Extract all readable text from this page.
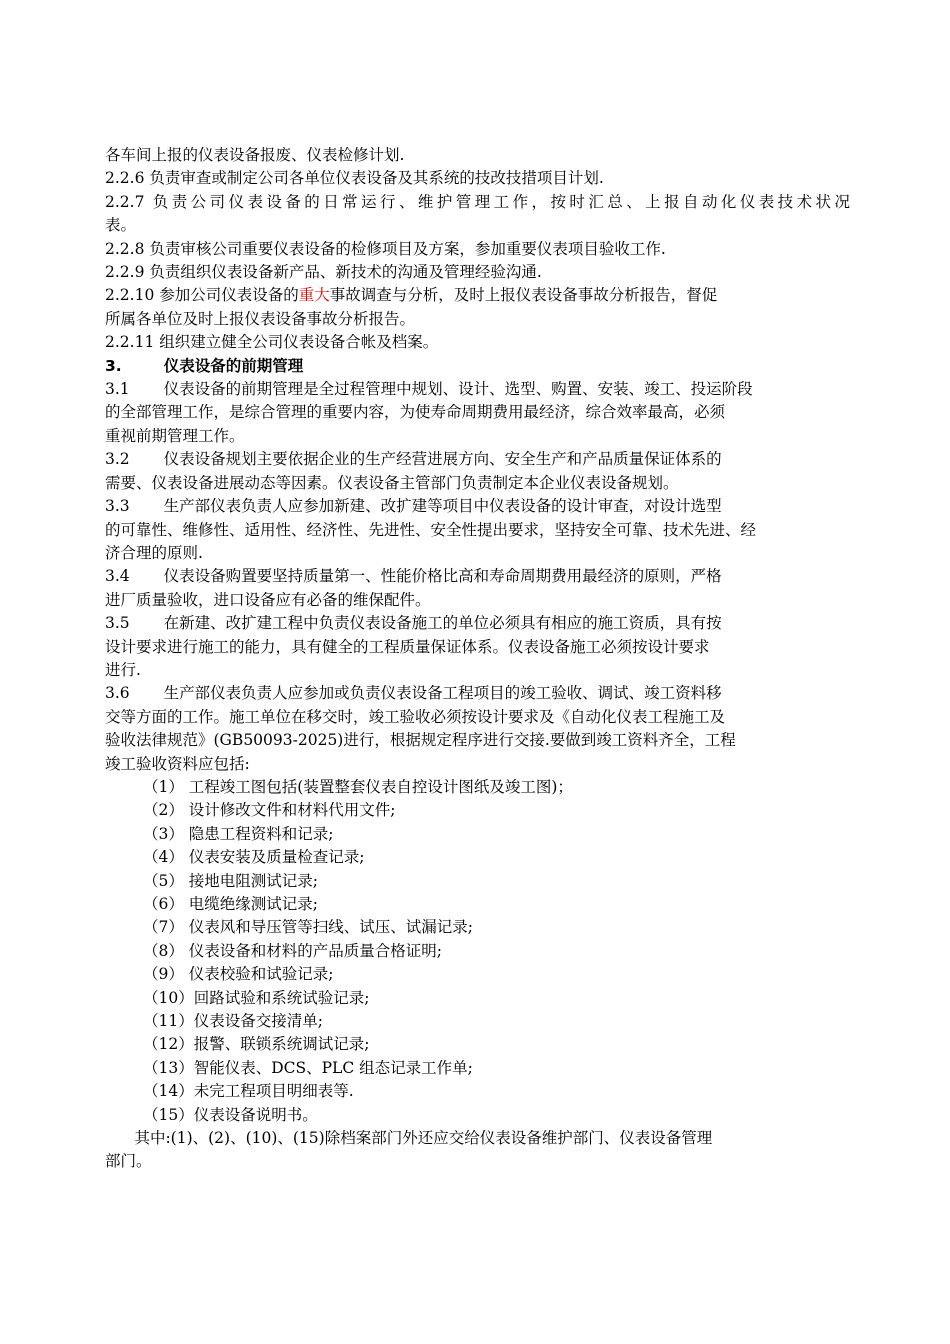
各车间上报的仪表设备报废、仪表检修计划.
2.2.6 负责审查或制定公司各单位仪表设备及其系统的技改技措项目计划.
2.2.7 负责公司仪表设备的日常运行、维护管理工作，按时汇总、上报自动化仪表技术状况
表。
2.2.8 负责审核公司重要仪表设备的检修项目及方案，参加重要仪表项目验收工作.
2.2.9 负责组织仪表设备新产品、新技术的沟通及管理经验沟通.
2.2.10 参加公司仪表设备的重大事故调查与分析，及时上报仪表设备事故分析报告，督促
所属各单位及时上报仪表设备事故分析报告。
2.2.11 组织建立健全公司仪表设备合帐及档案。
3.	仪表设备的前期管理
3.1 仪表设备的前期管理是全过程管理中规划、设计、选型、购置、安装、竣工、投运阶段
的全部管理工作，是综合管理的重要内容，为使寿命周期费用最经济，综合效率最高，必须
重视前期管理工作。
3.2 仪表设备规划主要依据企业的生产经营进展方向、安全生产和产品质量保证体系的
需要、仪表设备进展动态等因素。仪表设备主管部门负责制定本企业仪表设备规划。
3.3 生产部仪表负责人应参加新建、改扩建等项目中仪表设备的设计审查，对设计选型
的可靠性、维修性、适用性、经济性、先进性、安全性提出要求，坚持安全可靠、技术先进、经
济合理的原则.
3.4 仪表设备购置要坚持质量第一、性能价格比高和寿命周期费用最经济的原则，严格
进厂质量验收，进口设备应有必备的维保配件。
3.5 在新建、改扩建工程中负责仪表设备施工的单位必须具有相应的施工资质，具有按
设计要求进行施工的能力，具有健全的工程质量保证体系。仪表设备施工必须按设计要求
进行.
3.6 生产部仪表负责人应参加或负责仪表设备工程项目的竣工验收、调试、竣工资料移
交等方面的工作。施工单位在移交时，竣工验收必须按设计要求及《自动化仪表工程施工及
验收法律规范》(GB50093-2025)进行，根据规定程序进行交接.要做到竣工资料齐全，工程
竣工验收资料应包括:
（1） 工程竣工图包括(装置整套仪表自控设计图纸及竣工图)；
（2） 设计修改文件和材料代用文件;
（3） 隐患工程资料和记录;
（4） 仪表安装及质量检查记录;
（5） 接地电阻测试记录;
（6） 电缆绝缘测试记录;
（7） 仪表风和导压管等扫线、试压、试漏记录;
（8） 仪表设备和材料的产品质量合格证明;
（9） 仪表校验和试验记录;
（10）回路试验和系统试验记录;
（11）仪表设备交接清单;
（12）报警、联锁系统调试记录;
（13）智能仪表、DCS、PLC 组态记录工作单;
（14）未完工程项目明细表等.
（15）仪表设备说明书。
其中:(1)、(2)、(10)、(15)除档案部门外还应交给仪表设备维护部门、仪表设备管理
部门。
